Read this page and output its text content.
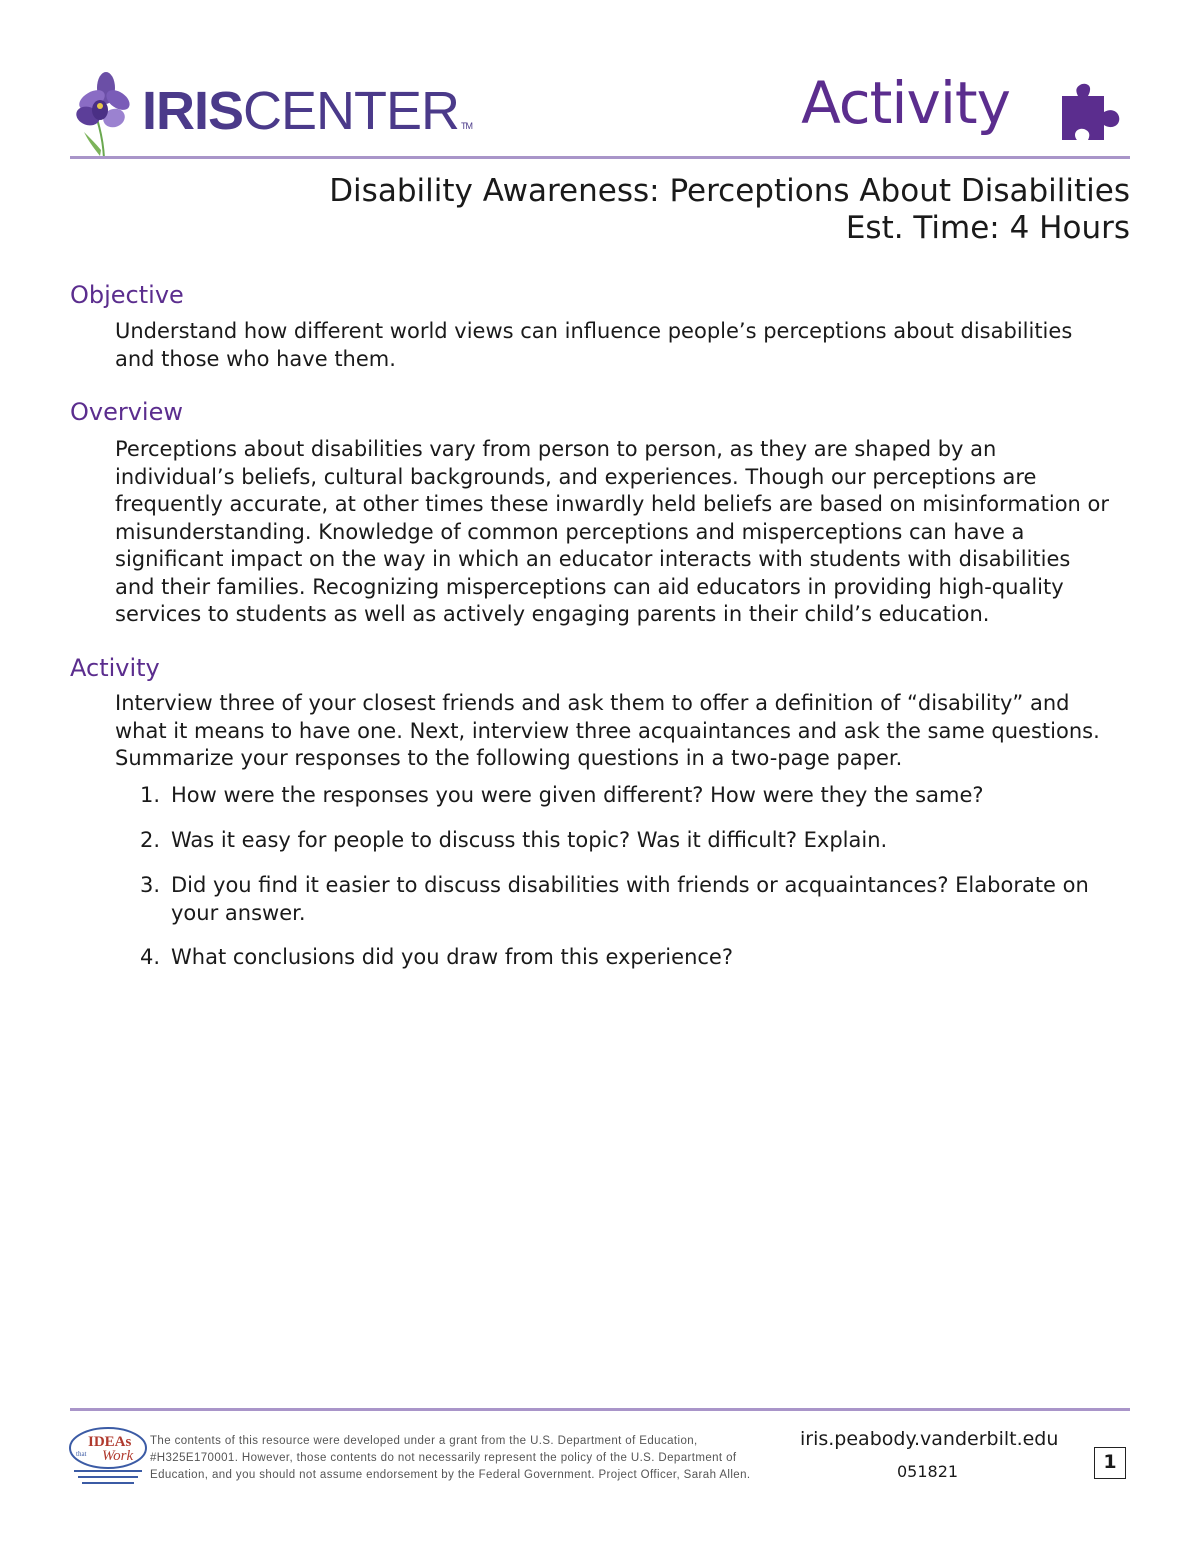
IRISCENTER TM	Activity
Disability Awareness: Perceptions About Disabilities
Est. Time: 4 Hours
Objective
Understand how different world views can influence people’s perceptions about disabilities and those who have them.
Overview
Perceptions about disabilities vary from person to person, as they are shaped by an individual’s beliefs, cultural backgrounds, and experiences. Though our perceptions are frequently accurate, at other times these inwardly held beliefs are based on misinformation or misunderstanding. Knowledge of common perceptions and misperceptions can have a significant impact on the way in which an educator interacts with students with disabilities and their families. Recognizing misperceptions can aid educators in providing high-quality services to students as well as actively engaging parents in their child’s education.
Activity
Interview three of your closest friends and ask them to offer a definition of “disability” and what it means to have one. Next, interview three acquaintances and ask the same questions. Summarize your responses to the following questions in a two-page paper.
1. How were the responses you were given different? How were they the same?
2. Was it easy for people to discuss this topic? Was it difficult? Explain.
3. Did you find it easier to discuss disabilities with friends or acquaintances? Elaborate on your answer.
4. What conclusions did you draw from this experience?
IDEAs
Work
that
The contents of this resource were developed under a grant from the U.S. Department of Education, #H325E170001. However, those contents do not necessarily represent the policy of the U.S. Department of Education, and you should not assume endorsement by the Federal Government. Project Officer, Sarah Allen.
iris.peabody.vanderbilt.edu
051821	1
